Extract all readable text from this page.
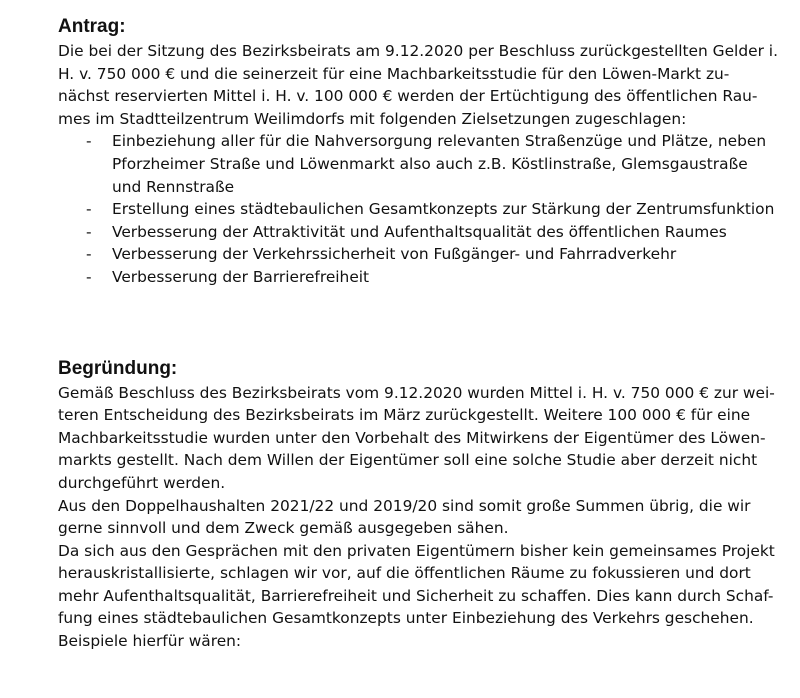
Antrag:

Die bei der Sitzung des Bezirksbeirats am 9.12.2020 per Beschluss zurückgestellten Gelder i.

H. v. 750 000 € und die seinerzeit für eine Machbarkeitsstudie für den Löwen-Markt zu-

nächst reservierten Mittel i. H. v. 100 000 € werden der Ertüchtigung des öffentlichen Rau-

mes im Stadtteilzentrum Weilimdorfs mit folgenden Zielsetzungen zugeschlagen:

- Einbeziehung aller für die Nahversorgung relevanten Straßenzüge und Plätze, neben

Pforzheimer Straße und Löwenmarkt also auch z.B. Köstlinstraße, Glemsgaustraße

und Rennstraße

- Erstellung eines städtebaulichen Gesamtkonzepts zur Stärkung der Zentrumsfunktion

- Verbesserung der Attraktivität und Aufenthaltsqualität des öffentlichen Raumes

- Verbesserung der Verkehrssicherheit von Fußgänger- und Fahrradverkehr

- Verbesserung der Barrierefreiheit

Begründung:

Gemäß Beschluss des Bezirksbeirats vom 9.12.2020 wurden Mittel i. H. v. 750 000 € zur wei-

teren Entscheidung des Bezirksbeirats im März zurückgestellt. Weitere 100 000 € für eine

Machbarkeitsstudie wurden unter den Vorbehalt des Mitwirkens der Eigentümer des Löwen-

markts gestellt. Nach dem Willen der Eigentümer soll eine solche Studie aber derzeit nicht

durchgeführt werden.

Aus den Doppelhaushalten 2021/22 und 2019/20 sind somit große Summen übrig, die wir

gerne sinnvoll und dem Zweck gemäß ausgegeben sähen.

Da sich aus den Gesprächen mit den privaten Eigentümern bisher kein gemeinsames Projekt

herauskristallisierte, schlagen wir vor, auf die öffentlichen Räume zu fokussieren und dort

mehr Aufenthaltsqualität, Barrierefreiheit und Sicherheit zu schaffen. Dies kann durch Schaf-

fung eines städtebaulichen Gesamtkonzepts unter Einbeziehung des Verkehrs geschehen.

Beispiele hierfür wären:
